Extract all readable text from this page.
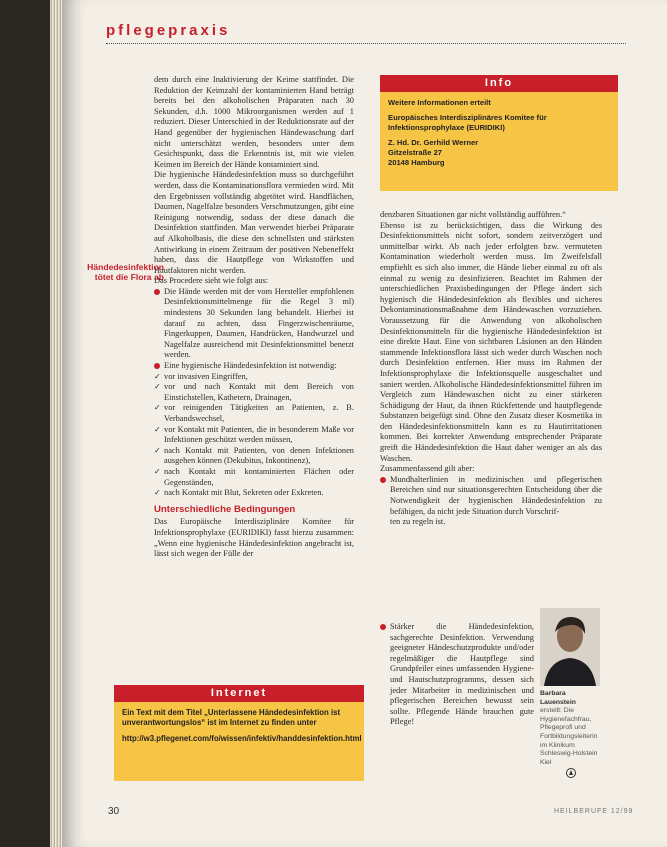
pflegepraxis
Händedesinfektion tötet die Flora ab

dem durch eine Inaktivierung der Keime stattfindet. Die Reduktion der Keimzahl der kontaminierten Hand beträgt bereits bei den alkoholischen Präparaten nach 30 Sekunden, d.h. 1000 Mikroorganismen werden auf 1 reduziert. Dieser Unterschied in der Reduktionsrate auf der Hand gegenüber der hygienischen Händewaschung darf nicht unterschätzt werden, besonders unter dem Gesichtspunkt, dass die Erkenntnis ist, mit wie vielen Keimen im Bereich der Hände kontaminiert sind.

Die hygienische Händedesinfektion muss so durchgeführt werden, dass die Kontaminationsflora vermieden wird. Mit den Ergebnissen vollständig abgetötet wird. Handflächen, Daumen, Nagelfalze besonders Verschmutzungen, gibt eine Reinigung notwendig, sodass der diese danach die Desinfektion stattfinden. Man verwendet hierbei Präparate auf Alkoholbasis, die diese den schnellsten und stärksten Antiwirkung in einem Zeitraum der positiven Nebeneffekt haben, dass die Hautpflege von Wirkstoffen und Hautfaktoren nicht werden.

Das Procedere sieht wie folgt aus:

Die Hände werden mit der vom Hersteller empfohlenen Desinfektionsmittelmenge für die Regel 3 ml) mindestens 30 Sekunden lang behandelt. Hierbei ist darauf zu achten, dass Fingerzwischenräume, Fingerkuppen, Daumen, Handrücken, Handwurzel und Nagelfalze ausreichend mit Desinfektionsmittel benetzt werden.
Eine hygienische Händedesinfektion ist notwendig:
✓ vor invasiven Eingriffen,
✓ vor und nach Kontakt mit dem Bereich von Einstichstellen, Kathetern, Drainagen,
✓ vor reinigenden Tätigkeiten an Patienten, z. B. Verbandswechsel,
✓ vor Kontakt mit Patienten, die in besonderem Maße vor Infektionen geschützt werden müssen,
✓ nach Kontakt mit Patienten, von denen Infektionen ausgehen können (Dekubitus, Inkontinenz),
✓ nach Kontakt mit kontaminierten Flächen oder Gegenständen,
✓ nach Kontakt mit Blut, Sekreten oder Exkreten.
Unterschiedliche Bedingungen

Das Europäische Interdisziplinäre Komitee für Infektionsprophylaxe (EURIDIKI) fasst hierzu zusammen: „Wenn eine hygienische Händedesinfektion angebracht ist, lässt sich wegen der Fülle der

Info

Weitere Informationen erteilt

Europäisches Interdisziplinäres Komitee für Infektionsprophylaxe (EURIDIKI)

Z. Hd. Dr. Gerhild Werner
Gitzelstraße 27
20148 Hamburg

denzbaren Situationen gar nicht vollständig aufführen.“

Ebenso ist zu berücksichtigen, dass die Wirkung des Desinfektionsmittels nicht sofort, sondern zeitverzögert und unmittelbar wirkt. Ab nach jeder erfolgten bzw. vermuteten Kontamination wiederholt werden muss. Im Zweifelsfall empfiehlt es sich also immer, die Hände lieber einmal zu oft als einmal zu wenig zu desinfizieren. Beachtet im Rahmen der unterschiedlichen Praxisbedingungen der Pflege ändert sich hygienisch die Händedesinfektion als flexibles und sicheres Dekontaminationsmaßnahme dem Händewaschen vorzuziehen. Voraussetzung für die Anwendung von alkoholischen Desinfektionsmitteln für die hygienische Händedesinfektion ist eine direkte Haut. Eine von sichtbaren Läsionen an den Händen stammende Infektionsflora lässt sich weder durch Waschen noch durch Desinfektion entfernen. Hier muss im Rahmen der Infektionsprophylaxe die Infektionsquelle ausgeschaltet und saniert werden. Alkoholische Händedesinfektionsmittel führen im Vergleich zum Händewaschen nicht zu einer stärkeren Schädigung der Haut, da ihnen Rückfettende und hautpflegende Substanzen beigefügt sind. Ohne den Zusatz dieser Kosmetika in den Händedesinfektionsmitteln kann es zu Hautirritationen kommen. Bei korrekter Anwendung entsprechender Präparate greift die Händedesinfektion die Haut daher weniger an als das Waschen.

Zusammenfassend gilt aber:

Mundhalterlinien in medizinischen und pflegerischen Bereichen sind nur situationsgerechten Entscheidung über die Notwendigkeit der hygienischen Händedesinfektion zu befähigen, da nicht jede Situation durch Vorschrif-
ten zu regeln ist.
Stärker die Händedesinfektion, sachgerechte Desinfektion. Verwendung geeigneter Händeschutzprodukte und/oder regelmäßiger die Hautpflege sind Grundpfeiler eines umfassenden Hygiene- und Hautschutzprogramms, dessen sich jeder Mitarbeiter in medizinischen und pflegerischen Bereichen bewusst sein sollte. Pflegende Hände brauchen gute Pflege!
Barbara Lauenstein
erstellt: Die Hygienefachfrau, Pflegeprofi und Fortbildungsleiterin im Klinikum Schleswig-Holstein Kiel
Internet

Ein Text mit dem Titel „Unterlassene Händedesinfektion ist unverantwortungslos“ ist im Internet zu finden unter

http://w3.pflegenet.com/fo/wissen/infektiv/handdesinfektion.html

30	HEILBERUFE 12/99
